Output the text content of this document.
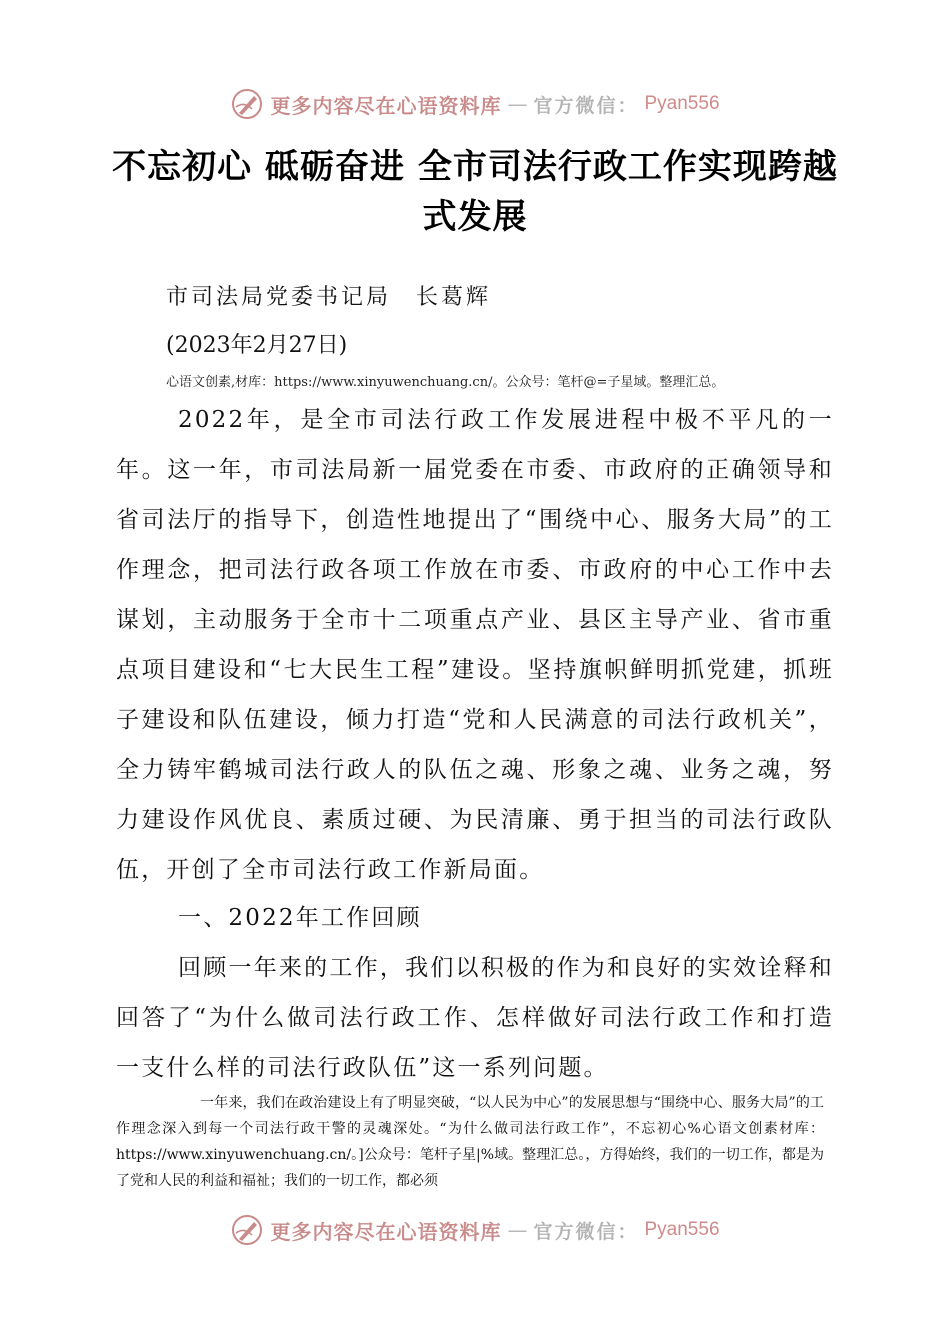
更多内容尽在心语资料库 — 官方微信： Pyan556
不忘初心 砥砺奋进 全市司法行政工作实现跨越式发展
市司法局党委书记局　长葛辉
(2023年2月27日)
心语文创素,材库：https://www.xinyuwenchuang.cn/。公众号：笔杆@=子星域。整理汇总。
2022年，是全市司法行政工作发展进程中极不平凡的一年。这一年，市司法局新一届党委在市委、市政府的正确领导和省司法厅的指导下，创造性地提出了“围绕中心、服务大局”的工作理念，把司法行政各项工作放在市委、市政府的中心工作中去谋划，主动服务于全市十二项重点产业、县区主导产业、省市重点项目建设和“七大民生工程”建设。坚持旗帜鲜明抓党建，抓班子建设和队伍建设，倾力打造“党和人民满意的司法行政机关”，全力铸牢鹤城司法行政人的队伍之魂、形象之魂、业务之魂，努力建设作风优良、素质过硬、为民清廉、勇于担当的司法行政队伍，开创了全市司法行政工作新局面。
一、2022年工作回顾
回顾一年来的工作，我们以积极的作为和良好的实效诠释和回答了“为什么做司法行政工作、怎样做好司法行政工作和打造一支什么样的司法行政队伍”这一系列问题。
一年来，我们在政治建设上有了明显突破，“以人民为中心”的发展思想与“围绕中心、服务大局”的工作理念深入到每一个司法行政干警的灵魂深处。“为什么做司法行政工作”，不忘初心%心语文创素材库：https://www.xinyuwenchuang.cn/。]公众号：笔杆子星|%域。整理汇总。，方得始终，我们的一切工作，都是为了党和人民的利益和福祉；我们的一切工作，都必须
更多内容尽在心语资料库 — 官方微信： Pyan556
